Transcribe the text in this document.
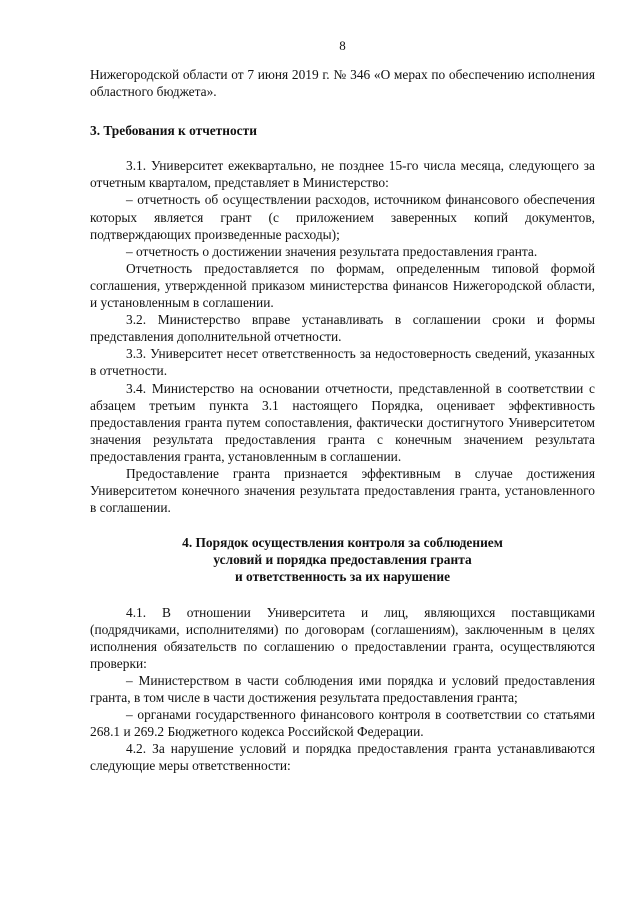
8

Нижегородской области от 7 июня 2019 г. № 346 «О мерах по обеспечению исполнения областного бюджета».

3. Требования к отчетности

3.1. Университет ежеквартально, не позднее 15-го числа месяца, следующего за отчетным кварталом, представляет в Министерство:

– отчетность об осуществлении расходов, источником финансового обеспечения которых является грант (с приложением заверенных копий документов, подтверждающих произведенные расходы);

– отчетность о достижении значения результата предоставления гранта.

Отчетность предоставляется по формам, определенным типовой формой соглашения, утвержденной приказом министерства финансов Нижегородской области, и установленным в соглашении.

3.2. Министерство вправе устанавливать в соглашении сроки и формы представления дополнительной отчетности.

3.3. Университет несет ответственность за недостоверность сведений, указанных в отчетности.

3.4. Министерство на основании отчетности, представленной в соответствии с абзацем третьим пункта 3.1 настоящего Порядка, оценивает эффективность предоставления гранта путем сопоставления, фактически достигнутого Университетом значения результата предоставления гранта с конечным значением результата предоставления гранта, установленным в соглашении.

Предоставление гранта признается эффективным в случае достижения Университетом конечного значения результата предоставления гранта, установленного в соглашении.

4. Порядок осуществления контроля за соблюдением
условий и порядка предоставления гранта
и ответственность за их нарушение

4.1. В отношении Университета и лиц, являющихся поставщиками (подрядчиками, исполнителями) по договорам (соглашениям), заключенным в целях исполнения обязательств по соглашению о предоставлении гранта, осуществляются проверки:

– Министерством в части соблюдения ими порядка и условий предоставления гранта, в том числе в части достижения результата предоставления гранта;

– органами государственного финансового контроля в соответствии со статьями 268.1 и 269.2 Бюджетного кодекса Российской Федерации.

4.2. За нарушение условий и порядка предоставления гранта устанавливаются следующие меры ответственности:
